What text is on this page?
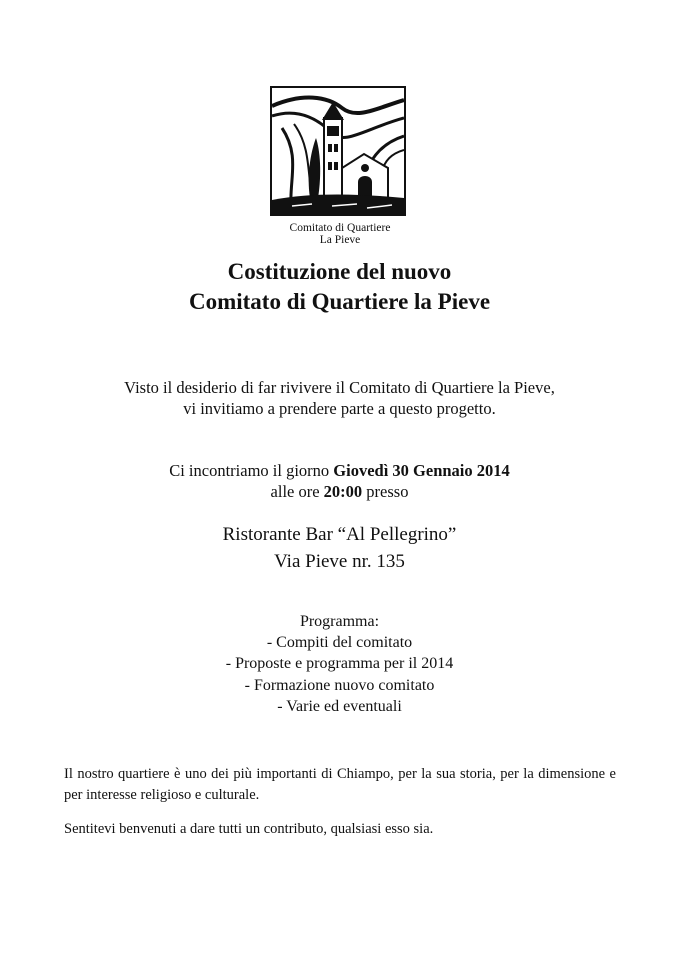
Comitato di Quartiere
La Pieve
Costituzione del nuovo
Comitato di Quartiere la Pieve
Visto il desiderio di far rivivere il Comitato di Quartiere la Pieve,
vi invitiamo a prendere parte a questo progetto.
Ci incontriamo il giorno Giovedì 30 Gennaio 2014
alle ore 20:00 presso
Ristorante Bar “Al Pellegrino”
Via Pieve nr. 135
Programma:
- Compiti del comitato
- Proposte e programma per il 2014
- Formazione nuovo comitato
- Varie ed eventuali
Il nostro quartiere è uno dei più importanti di Chiampo, per la sua storia, per la dimensione e per interesse religioso e culturale.
Sentitevi benvenuti a dare tutti un contributo, qualsiasi esso sia.
